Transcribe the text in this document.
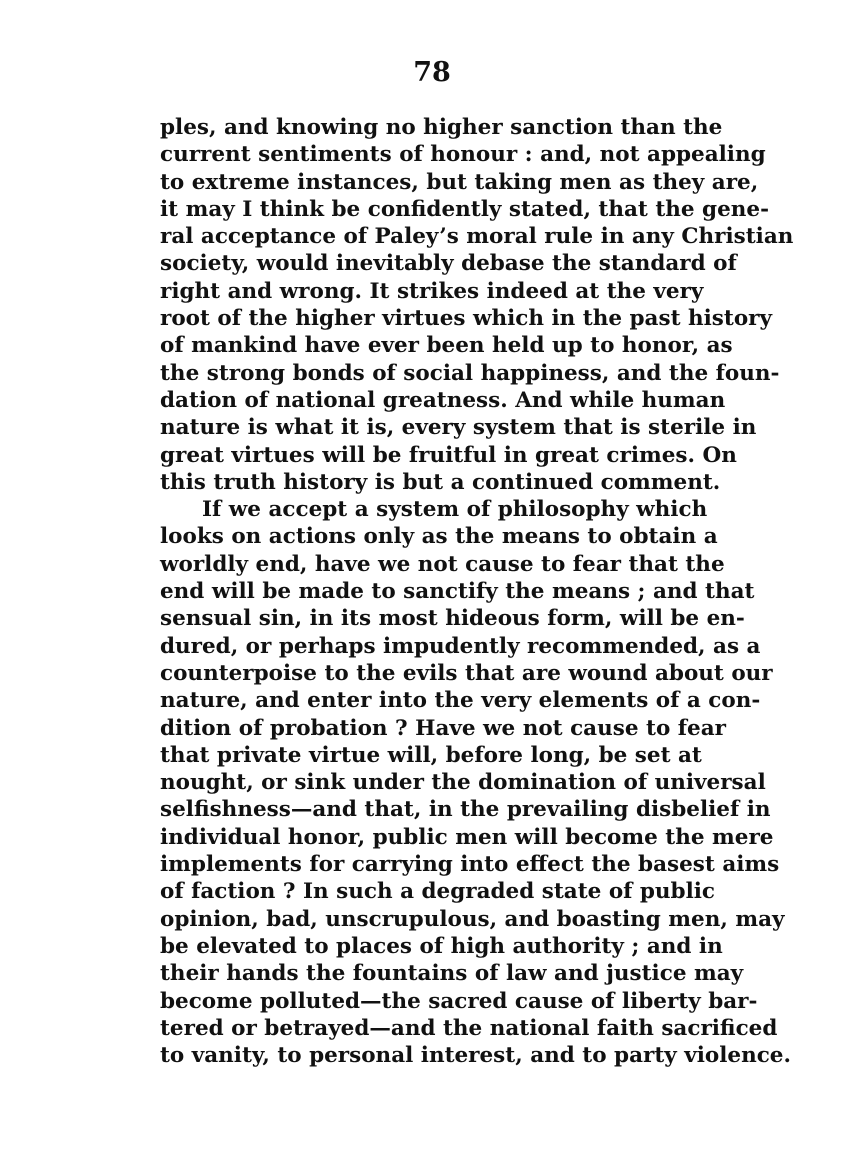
78
ples, and knowing no higher sanction than the
current sentiments of honour : and, not appealing
to extreme instances, but taking men as they are,
it may I think be confidently stated, that the gene-
ral acceptance of Paley’s moral rule in any Christian
society, would inevitably debase the standard of
right and wrong. It strikes indeed at the very
root of the higher virtues which in the past history
of mankind have ever been held up to honor, as
the strong bonds of social happiness, and the foun-
dation of national greatness. And while human
nature is what it is, every system that is sterile in
great virtues will be fruitful in great crimes. On
this truth history is but a continued comment.
If we accept a system of philosophy which
looks on actions only as the means to obtain a
worldly end, have we not cause to fear that the
end will be made to sanctify the means ; and that
sensual sin, in its most hideous form, will be en-
dured, or perhaps impudently recommended, as a
counterpoise to the evils that are wound about our
nature, and enter into the very elements of a con-
dition of probation ? Have we not cause to fear
that private virtue will, before long, be set at
nought, or sink under the domination of universal
selfishness—and that, in the prevailing disbelief in
individual honor, public men will become the mere
implements for carrying into effect the basest aims
of faction ? In such a degraded state of public
opinion, bad, unscrupulous, and boasting men, may
be elevated to places of high authority ; and in
their hands the fountains of law and justice may
become polluted—the sacred cause of liberty bar-
tered or betrayed—and the national faith sacrificed
to vanity, to personal interest, and to party violence.
